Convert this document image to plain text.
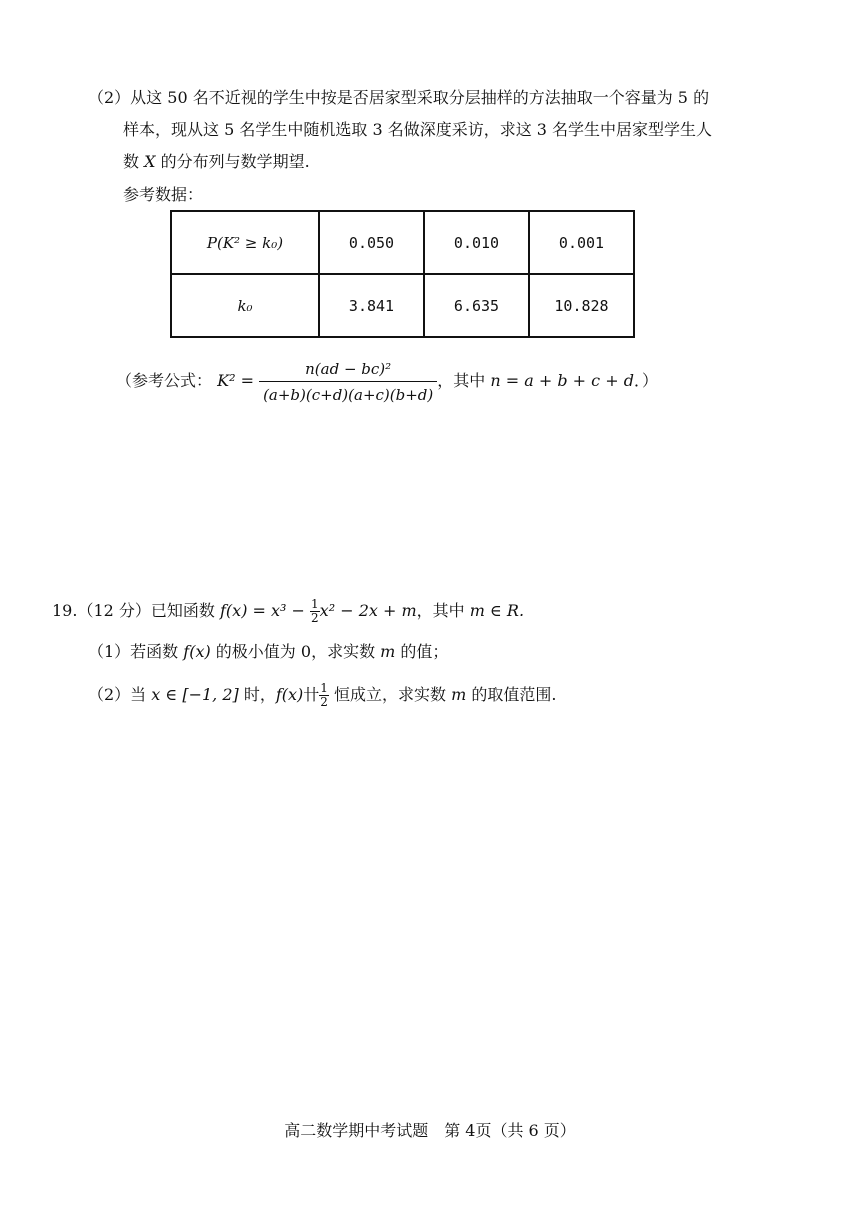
（2）从这 50 名不近视的学生中按是否居家型采取分层抽样的方法抽取一个容量为 5 的
样本，现从这 5 名学生中随机选取 3 名做深度采访，求这 3 名学生中居家型学生人
数 X 的分布列与数学期望.
参考数据：
P(K² ≥ k₀)	0.050	0.010	0.001
k₀	3.841	6.635	10.828
（参考公式： $K^2 = \frac{\text{n(ad − bc)²}}{(a+b)(c+d)(a+c)(b+d)}$ ，其中 n = a + b + c + d．）
19.（12 分）已知函数 $f(x) = x^3 - \frac{1}{2} x^2 - 2x + m$，其中 m ∈ R.
（1）若函数 f(x) 的极小值为 0，求实数 m 的值；
（2）当 x ∈ [−1, 2] 时，f(x)卄 $\frac{1}{2}$ 恒成立，求实数 m 的取值范围.
高二数学期中考试题　第 4页（共 6 页）
